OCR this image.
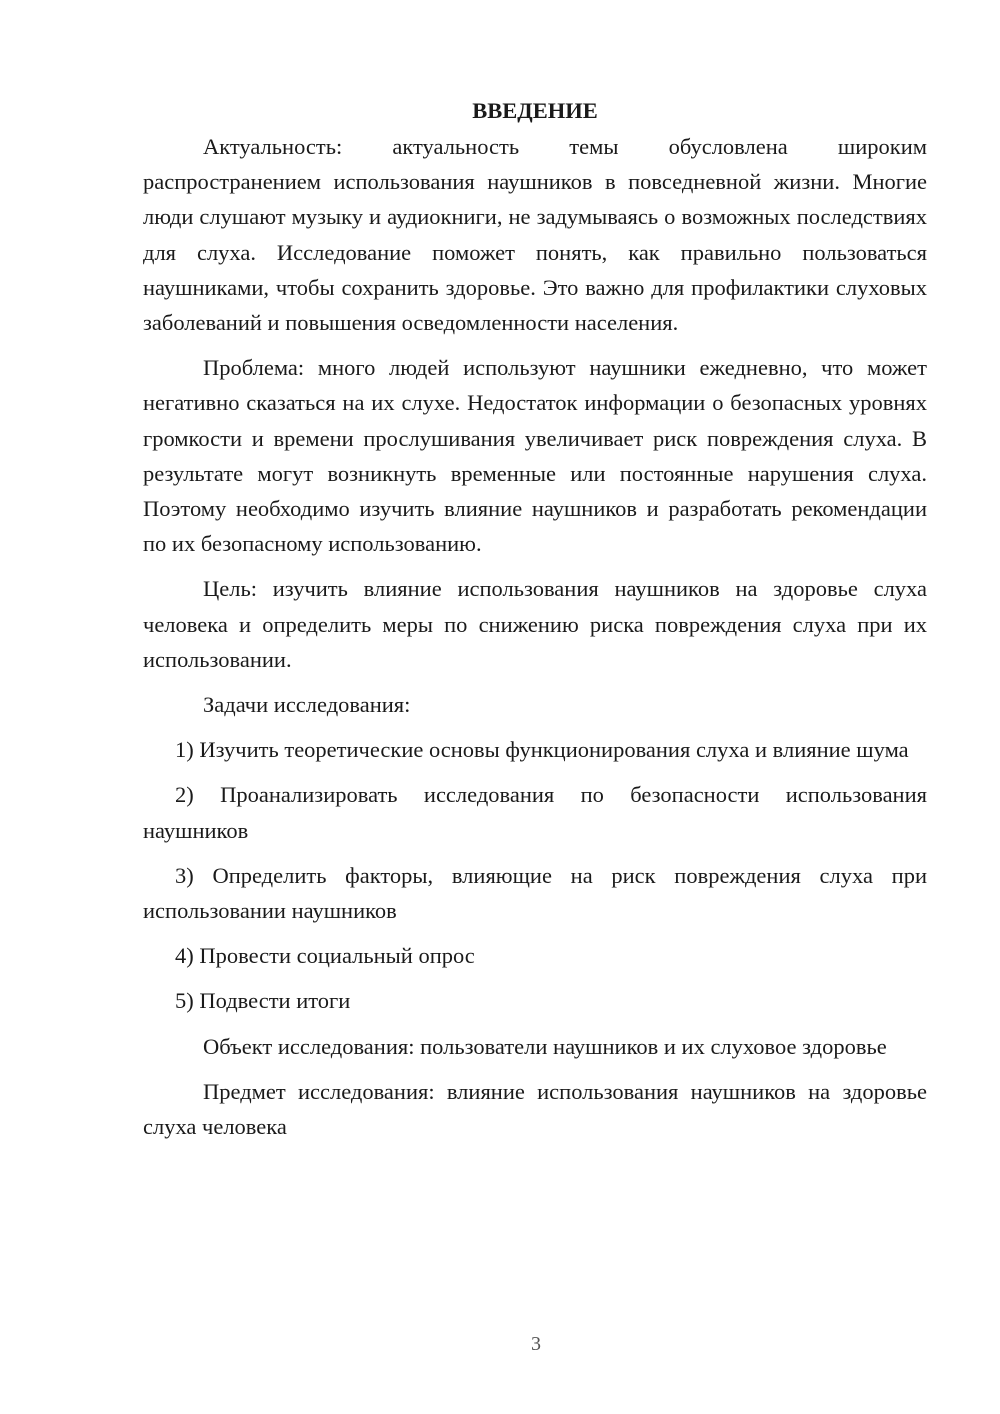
ВВЕДЕНИЕ

Актуальность: актуальность темы обусловлена широким распространением использования наушников в повседневной жизни. Многие люди слушают музыку и аудиокниги, не задумываясь о возможных последствиях для слуха. Исследование поможет понять, как правильно пользоваться наушниками, чтобы сохранить здоровье. Это важно для профилактики слуховых заболеваний и повышения осведомленности населения.

Проблема: много людей используют наушники ежедневно, что может негативно сказаться на их слухе. Недостаток информации о безопасных уровнях громкости и времени прослушивания увеличивает риск повреждения слуха. В результате могут возникнуть временные или постоянные нарушения слуха. Поэтому необходимо изучить влияние наушников и разработать рекомендации по их безопасному использованию.

Цель: изучить влияние использования наушников на здоровье слуха человека и определить меры по снижению риска повреждения слуха при их использовании.

Задачи исследования:

1) Изучить теоретические основы функционирования слуха и влияние шума

2) Проанализировать исследования по безопасности использования наушников

3) Определить факторы, влияющие на риск повреждения слуха при использовании наушников

4) Провести социальный опрос

5) Подвести итоги

Объект исследования: пользователи наушников и их слуховое здоровье

Предмет исследования: влияние использования наушников на здоровье слуха человека

3
